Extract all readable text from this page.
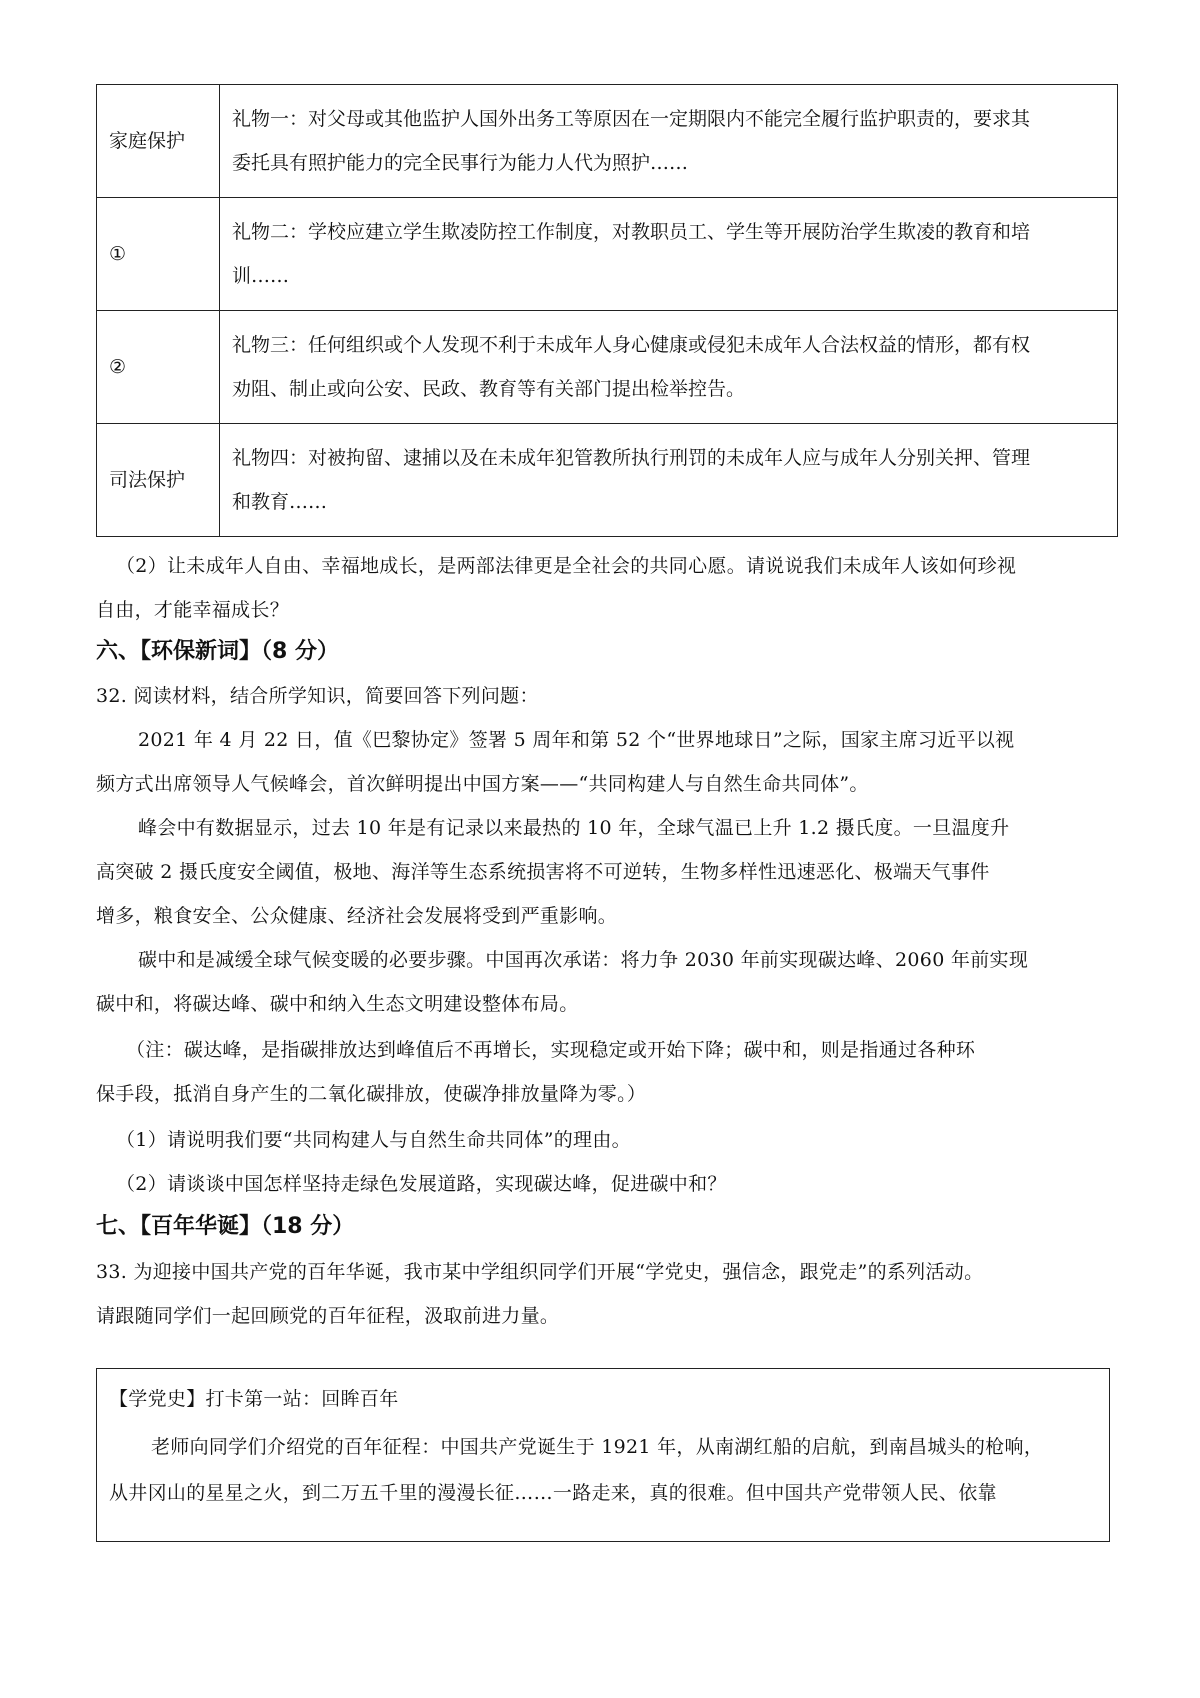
家庭保护	礼物一：对父母或其他监护人国外出务工等原因在一定期限内不能完全履行监护职责的，要求其
委托具有照护能力的完全民事行为能力人代为照护……

①	礼物二：学校应建立学生欺凌防控工作制度，对教职员工、学生等开展防治学生欺凌的教育和培
训……

②	礼物三：任何组织或个人发现不利于未成年人身心健康或侵犯未成年人合法权益的情形，都有权
劝阻、制止或向公安、民政、教育等有关部门提出检举控告。

司法保护	礼物四：对被拘留、逮捕以及在未成年犯管教所执行刑罚的未成年人应与成年人分别关押、管理
和教育……
（2）让未成年人自由、幸福地成长，是两部法律更是全社会的共同心愿。请说说我们未成年人该如何珍视
自由，才能幸福成长？
六、【环保新词】（8 分）
32. 阅读材料，结合所学知识，简要回答下列问题：
2021 年 4 月 22 日，值《巴黎协定》签署 5 周年和第 52 个“世界地球日”之际，国家主席习近平以视
频方式出席领导人气候峰会，首次鲜明提出中国方案——“共同构建人与自然生命共同体”。
峰会中有数据显示，过去 10 年是有记录以来最热的 10 年，全球气温已上升 1.2 摄氏度。一旦温度升
高突破 2 摄氏度安全阈值，极地、海洋等生态系统损害将不可逆转，生物多样性迅速恶化、极端天气事件
增多，粮食安全、公众健康、经济社会发展将受到严重影响。
碳中和是减缓全球气候变暖的必要步骤。中国再次承诺：将力争 2030 年前实现碳达峰、2060 年前实现
碳中和，将碳达峰、碳中和纳入生态文明建设整体布局。
（注：碳达峰，是指碳排放达到峰值后不再增长，实现稳定或开始下降；碳中和，则是指通过各种环
保手段，抵消自身产生的二氧化碳排放，使碳净排放量降为零。）
（1）请说明我们要“共同构建人与自然生命共同体”的理由。
（2）请谈谈中国怎样坚持走绿色发展道路，实现碳达峰，促进碳中和？
七、【百年华诞】（18 分）
33. 为迎接中国共产党的百年华诞，我市某中学组织同学们开展“学党史，强信念，跟党走”的系列活动。
请跟随同学们一起回顾党的百年征程，汲取前进力量。
【学党史】打卡第一站：回眸百年
老师向同学们介绍党的百年征程：中国共产党诞生于 1921 年，从南湖红船的启航，到南昌城头的枪响，
从井冈山的星星之火，到二万五千里的漫漫长征……一路走来，真的很难。但中国共产党带领人民、依靠
